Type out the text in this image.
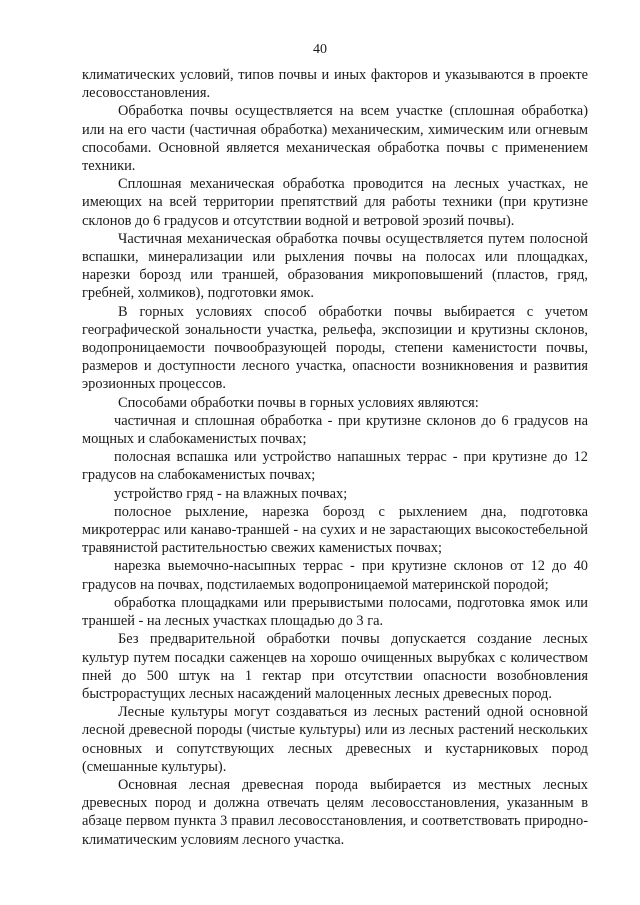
40

климатических условий, типов почвы и иных факторов и указываются в проекте лесовосстановления.

Обработка почвы осуществляется на всем участке (сплошная обработка) или на его части (частичная обработка) механическим, химическим или огневым способами. Основной является механическая обработка почвы с применением техники.

Сплошная механическая обработка проводится на лесных участках, не имеющих на всей территории препятствий для работы техники (при крутизне склонов до 6 градусов и отсутствии водной и ветровой эрозий почвы).

Частичная механическая обработка почвы осуществляется путем полосной вспашки, минерализации или рыхления почвы на полосах или площадках, нарезки борозд или траншей, образования микроповышений (пластов, гряд, гребней, холмиков), подготовки ямок.

В горных условиях способ обработки почвы выбирается с учетом географической зональности участка, рельефа, экспозиции и крутизны склонов, водопроницаемости почвообразующей породы, степени каменистости почвы, размеров и доступности лесного участка, опасности возникновения и развития эрозионных процессов.

Способами обработки почвы в горных условиях являются:

частичная и сплошная обработка - при крутизне склонов до 6 градусов на мощных и слабокаменистых почвах;

полосная вспашка или устройство напашных террас - при крутизне до 12 градусов на слабокаменистых почвах;

устройство гряд - на влажных почвах;

полосное рыхление, нарезка борозд с рыхлением дна, подготовка микротеррас или канаво-траншей - на сухих и не зарастающих высокостебельной травянистой растительностью свежих каменистых почвах;

нарезка выемочно-насыпных террас - при крутизне склонов от 12 до 40 градусов на почвах, подстилаемых водопроницаемой материнской породой;

обработка площадками или прерывистыми полосами, подготовка ямок или траншей - на лесных участках площадью до 3 га.

Без предварительной обработки почвы допускается создание лесных культур путем посадки саженцев на хорошо очищенных вырубках с количеством пней до 500 штук на 1 гектар при отсутствии опасности возобновления быстрорастущих лесных насаждений малоценных лесных древесных пород.

Лесные культуры могут создаваться из лесных растений одной основной лесной древесной породы (чистые культуры) или из лесных растений нескольких основных и сопутствующих лесных древесных и кустарниковых пород (смешанные культуры).

Основная лесная древесная порода выбирается из местных лесных древесных пород и должна отвечать целям лесовосстановления, указанным в абзаце первом пункта 3 правил лесовосстановления, и соответствовать природно-климатическим условиям лесного участка.
